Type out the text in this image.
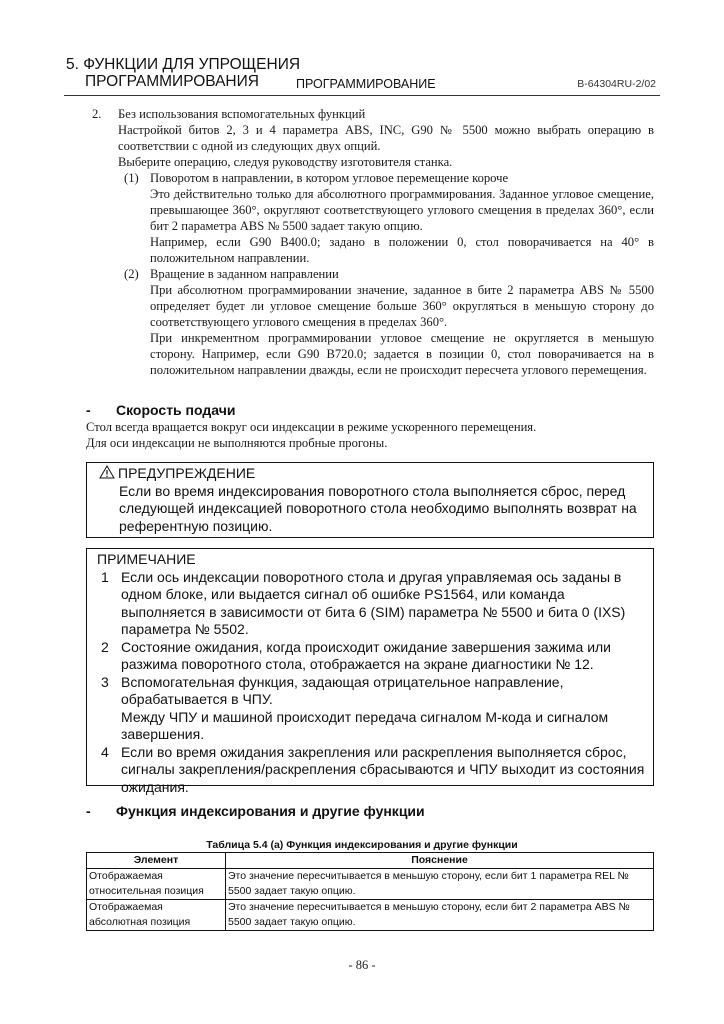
5. ФУНКЦИИ ДЛЯ УПРОЩЕНИЯ
ПРОГРАММИРОВАНИЯ	ПРОГРАММИРОВАНИЕ	B-64304RU-2/02
2. Без использования вспомогательных функций

Настройкой битов 2, 3 и 4 параметра ABS, INC, G90 № 5500 можно выбрать операцию в соответствии с одной из следующих двух опций.

Выберите операцию, следуя руководству изготовителя станка.

(1) Поворотом в направлении, в котором угловое перемещение короче

Это действительно только для абсолютного программирования. Заданное угловое смещение, превышающее 360°, округляют соответствующего углового смещения в пределах 360°, если бит 2 параметра ABS № 5500 задает такую опцию.

Например, если G90 B400.0; задано в положении 0, стол поворачивается на 40° в положительном направлении.

(2) Вращение в заданном направлении

При абсолютном программировании значение, заданное в бите 2 параметра ABS № 5500 определяет будет ли угловое смещение больше 360° округляться в меньшую сторону до соответствующего углового смещения в пределах 360°.

При инкрементном программировании угловое смещение не округляется в меньшую сторону. Например, если G90 B720.0; задается в позиции 0, стол поворачивается на в положительном направлении дважды, если не происходит пересчета углового перемещения.

- Скорость подачи

Стол всегда вращается вокруг оси индексации в режиме ускоренного перемещения.

Для оси индексации не выполняются пробные прогоны.

ПРЕДУПРЕЖДЕНИЕ

Если во время индексирования поворотного стола выполняется сброс, перед следующей индексацией поворотного стола необходимо выполнять возврат на референтную позицию.

ПРИМЕЧАНИЕ
1 Если ось индексации поворотного стола и другая управляемая ось заданы в одном блоке, или выдается сигнал об ошибке PS1564, или команда выполняется в зависимости от бита 6 (SIM) параметра № 5500 и бита 0 (IXS) параметра № 5502.

2 Состояние ожидания, когда происходит ожидание завершения зажима или разжима поворотного стола, отображается на экране диагностики № 12.

3 Вспомогательная функция, задающая отрицательное направление, обрабатывается в ЧПУ.

Между ЧПУ и машиной происходит передача сигналом М-кода и сигналом завершения.

4 Если во время ожидания закрепления или раскрепления выполняется сброс, сигналы закрепления/раскрепления сбрасываются и ЧПУ выходит из состояния ожидания.

- Функция индексирования и другие функции
Таблица 5.4 (a) Функция индексирования и другие функции
Элемент	Пояснение
Отображаемая относительная позиция	Это значение пересчитывается в меньшую сторону, если бит 1 параметра REL № 5500 задает такую опцию.
Отображаемая абсолютная позиция	Это значение пересчитывается в меньшую сторону, если бит 2 параметра ABS № 5500 задает такую опцию.
- 86 -
